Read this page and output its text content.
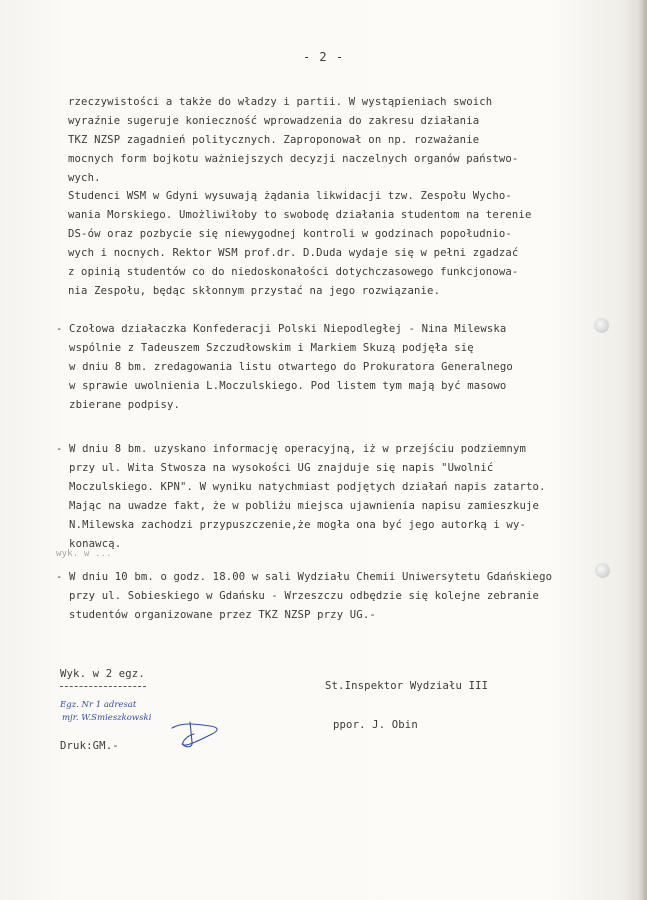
- 2 -
rzeczywistości a także do władzy i partii. W wystąpieniach swoich
wyraźnie sugeruje konieczność wprowadzenia do zakresu działania
TKZ NZSP zagadnień politycznych. Zaproponował on np. rozważanie
mocnych form bojkotu ważniejszych decyzji naczelnych organów państwo-
wych.
Studenci WSM w Gdyni wysuwają żądania likwidacji tzw. Zespołu Wycho-
wania Morskiego. Umożliwiłoby to swobodę działania studentom na terenie
DS-ów oraz pozbycie się niewygodnej kontroli w godzinach popołudnio-
wych i nocnych. Rektor WSM prof.dr. D.Duda wydaje się w pełni zgadzać
z opinią studentów co do niedoskonałości dotychczasowego funkcjonowa-
nia Zespołu, będąc skłonnym przystać na jego rozwiązanie.
- Czołowa działaczka Konfederacji Polski Niepodległej - Nina Milewska
wspólnie z Tadeuszem Szczudłowskim i Markiem Skuzą podjęła się
w dniu 8 bm. zredagowania listu otwartego do Prokuratora Generalnego
w sprawie uwolnienia L.Moczulskiego. Pod listem tym mają być masowo
zbierane podpisy.
- W dniu 8 bm. uzyskano informację operacyjną, iż w przejściu podziemnym
przy ul. Wita Stwosza na wysokości UG znajduje się napis "Uwolnić
Moczulskiego. KPN". W wyniku natychmiast podjętych działań napis zatarto.
Mając na uwadze fakt, że w pobliżu miejsca ujawnienia napisu zamieszkuje
N.Milewska zachodzi przypuszczenie,że mogła ona być jego autorką i wy-
konawcą.
wyk. w ...
- W dniu 10 bm. o godz. 18.00 w sali Wydziału Chemii Uniwersytetu Gdańskiego
przy ul. Sobieskiego w Gdańsku - Wrzeszczu odbędzie się kolejne zebranie
studentów organizowane przez TKZ NZSP przy UG.-
Wyk. w 2 egz.
Egz. Nr 1 adresat
mjr. W.Smieszkowski
Druk:GM.-
St.Inspektor Wydziału III
ppor. J. Obin
